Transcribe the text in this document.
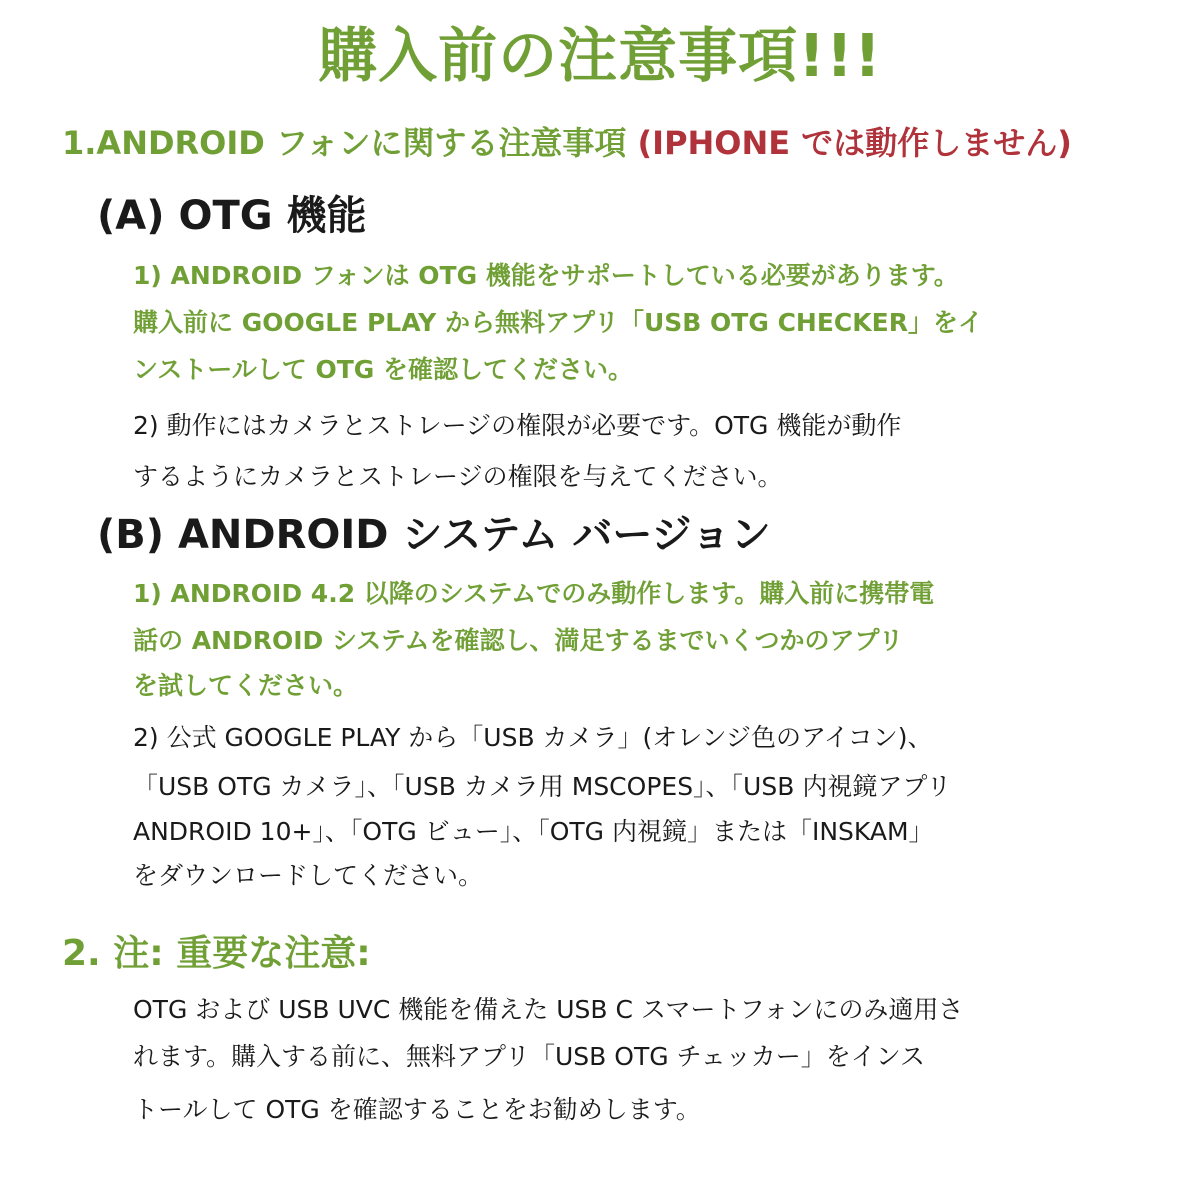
購入前の注意事項!!!
1.ANDROID フォンに関する注意事項 (IPHONE では動作しません)
(A) OTG 機能
1) ANDROID フォンは OTG 機能をサポートしている必要があります。
購入前に GOOGLE PLAY から無料アプリ「USB OTG CHECKER」をイ
ンストールして OTG を確認してください。
2) 動作にはカメラとストレージの権限が必要です。OTG 機能が動作
するようにカメラとストレージの権限を与えてください。
(B) ANDROID システム バージョン
1) ANDROID 4.2 以降のシステムでのみ動作します。購入前に携帯電
話の ANDROID システムを確認し、満足するまでいくつかのアプリ
を試してください。
2) 公式 GOOGLE PLAY から「USB カメラ」(オレンジ色のアイコン)、
「USB OTG カメラ」、「USB カメラ用 MSCOPES」、「USB 内視鏡アプリ
ANDROID 10+」、「OTG ビュー」、「OTG 内視鏡」または「INSKAM」
をダウンロードしてください。
2. 注: 重要な注意:
OTG および USB UVC 機能を備えた USB C スマートフォンにのみ適用さ
れます。購入する前に、無料アプリ「USB OTG チェッカー」をインス
トールして OTG を確認することをお勧めします。
